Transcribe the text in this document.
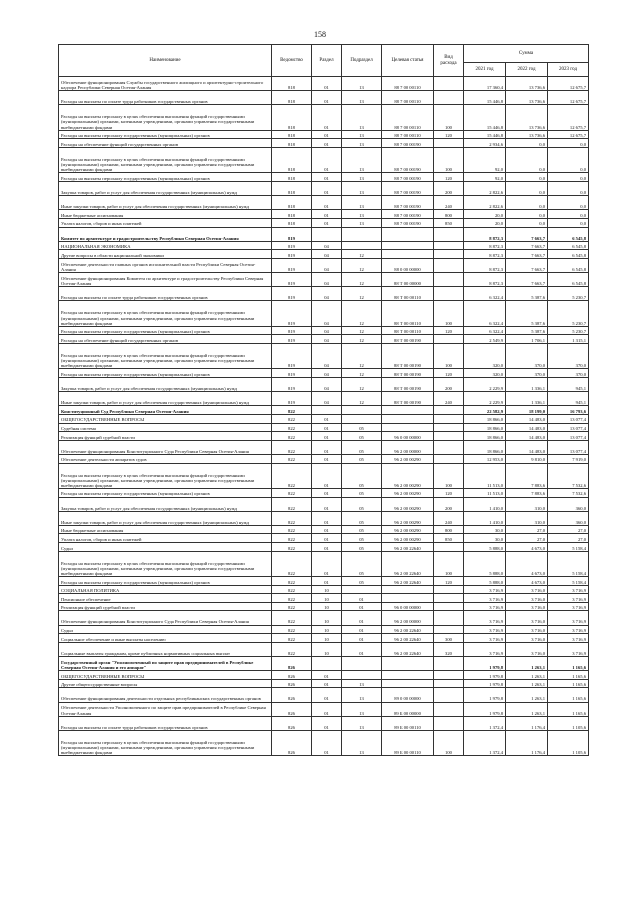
158
Наименование	Ведомство	Раздел	Подраздел	Целевая статья	Вид расхода	Сумма		
						2021 год	2022 год	2023 год
Обеспечение функционирования Службы государственного жилищного и архитектурно-строительного надзора Республики Северная Осетия-Алания	818	01	13	88 7 00 00110		17 360,4	13 736,6	12 675,7
Расходы на выплаты по оплате труда работников государственных органов	818	01	13	88 7 00 00110		15 446,8	13 736,6	12 675,7
Расходы на выплаты персоналу в целях обеспечения выполнения функций государственными (муниципальными) органами, казенными учреждениями, органами управления государственными внебюджетными фондами	818	01	13	88 7 00 00110	100	15 446,8	13 736,6	12 675,7
Расходы на выплаты персоналу государственных (муниципальных) органов	818	01	13	88 7 00 00110	120	15 446,8	13 736,6	12 675,7
Расходы на обеспечение функций государственных органов	818	01	13	88 7 00 00190		2 934,6	0,0	0,0
Расходы на выплаты персоналу в целях обеспечения выполнения функций государственными (муниципальными) органами, казенными учреждениями, органами управления государственными внебюджетными фондами	818	01	13	88 7 00 00190	100	92,0	0,0	0,0
Расходы на выплаты персоналу государственных (муниципальных) органов	818	01	13	88 7 00 00190	120	92,0	0,0	0,0
Закупка товаров, работ и услуг для обеспечения государственных (муниципальных) нужд	818	01	13	88 7 00 00190	200	2 822,6	0,0	0,0
Иные закупки товаров, работ и услуг для обеспечения государственных (муниципальных) нужд	818	01	13	88 7 00 00190	240	2 822,6	0,0	0,0
Иные бюджетные ассигнования	818	01	13	88 7 00 00190	800	20,0	0,0	0,0
Уплата налогов, сборов и иных платежей	818	01	13	88 7 00 00190	850	20,0	0,0	0,0
Комитет по архитектуре и градостроительству Республики Северная Осетия-Алания	819					8 872,3	7 663,7	6 545,8
НАЦИОНАЛЬНАЯ ЭКОНОМИКА	819	04				8 872,3	7 663,7	6 545,8
Другие вопросы в области национальной экономики	819	04	12			8 872,3	7 663,7	6 545,8
Обеспечение деятельности главных органов исполнительной власти Республики Северная Осетия-Алания	819	04	12	88 0 00 00000		8 872,3	7 663,7	6 545,8
Обеспечение функционирования Комитета по архитектуре и градостроительству Республики Северная Осетия-Алания	819	04	12	88 Т 00 00000		8 872,3	7 663,7	6 545,8
Расходы на выплаты по оплате труда работников государственных органов	819	04	12	88 Т 00 00110		6 322,4	5 387,6	5 230,7
Расходы на выплаты персоналу в целях обеспечения выполнения функций государственными (муниципальными) органами, казенными учреждениями, органами управления государственными внебюджетными фондами	819	04	12	88 Т 00 00110	100	6 322,4	5 387,6	5 230,7
Расходы на выплаты персоналу государственных (муниципальных) органов	819	04	12	88 Т 00 00110	120	6 322,4	5 387,6	5 230,7
Расходы на обеспечение функций государственных органов	819	04	12	88 Т 00 00190		2 549,9	1 706,1	1 315,1
Расходы на выплаты персоналу в целях обеспечения выполнения функций государственными (муниципальными) органами, казенными учреждениями, органами управления государственными внебюджетными фондами	819	04	12	88 Т 00 00190	100	320,0	370,0	370,0
Расходы на выплаты персоналу государственных (муниципальных) органов	819	04	12	88 Т 00 00190	120	320,0	370,0	370,0
Закупка товаров, работ и услуг для обеспечения государственных (муниципальных) нужд	819	04	12	88 Т 00 00190	200	2 229,9	1 336,1	945,1
Иные закупки товаров, работ и услуг для обеспечения государственных (муниципальных) нужд	819	04	12	88 Т 00 00190	240	2 229,9	1 336,1	945,1
Конституционный Суд Республики Северная Осетия-Алания	822					22 582,9	18 199,0	16 793,6
ОБЩЕГОСУДАРСТВЕННЫЕ ВОПРОСЫ	822	01				18 866,0	14 483,0	13 077,4
Судебная система	822	01	05			18 866,0	14 483,0	13 077,4
Реализация функций судебной власти	822	01	05	96 0 00 00000		18 866,0	14 483,0	13 077,4
Обеспечение функционирования Конституционного Суда Республики Северная Осетия-Алания	822	01	05	96 2 00 00000		18 866,0	14 483,0	13 077,4
Обеспечение деятельности аппаратов судов	822	01	05	96 2 00 00290		12 953,0	9 810,0	7 919,0
Расходы на выплаты персоналу в целях обеспечения выполнения функций государственными (муниципальными) органами, казенными учреждениями, органами управления государственными внебюджетными фондами	822	01	05	96 2 00 00290	100	11 513,0	7 883,6	7 532,6
Расходы на выплаты персоналу государственных (муниципальных) органов	822	01	05	96 2 00 00290	120	11 513,0	7 883,6	7 532,6
Закупка товаров, работ и услуг для обеспечения государственных (муниципальных) нужд	822	01	05	96 2 00 00290	200	1 410,0	310,0	360,0
Иные закупки товаров, работ и услуг для обеспечения государственных (муниципальных) нужд	822	01	05	96 2 00 00290	240	1 410,0	310,0	360,0
Иные бюджетные ассигнования	822	01	05	96 2 00 00290	800	30,0	27,0	27,0
Уплата налогов, сборов и иных платежей	822	01	05	96 2 00 00290	850	30,0	27,0	27,0
Судьи	822	01	05	96 2 00 22640		5 888,0	4 673,0	5 158,4
Расходы на выплаты персоналу в целях обеспечения выполнения функций государственными (муниципальными) органами, казенными учреждениями, органами управления государственными внебюджетными фондами	822	01	05	96 2 00 22640	100	5 888,0	4 673,0	5 158,4
Расходы на выплаты персоналу государственных (муниципальных) органов	822	01	05	96 2 00 22640	120	5 888,0	4 673,0	5 158,4
СОЦИАЛЬНАЯ ПОЛИТИКА	822	10				3 716,9	3 716,0	3 716,9
Пенсионное обеспечение	822	10	01			3 716,9	3 716,0	3 716,9
Реализация функций судебной власти	822	10	01	96 0 00 00000		3 716,9	3 716,0	3 716,9
Обеспечение функционирования Конституционного Суда Республики Северная Осетия-Алания	822	10	01	96 2 00 00000		3 716,9	3 716,0	3 716,9
Судьи	822	10	01	96 2 00 22640		3 716,9	3 716,0	3 716,9
Социальное обеспечение и иные выплаты населению	822	10	01	96 2 00 22640	300	3 716,9	3 716,0	3 716,9
Социальные выплаты гражданам, кроме публичных нормативных социальных выплат	822	10	01	96 2 00 22640	320	3 716,9	3 716,0	3 716,9
Государственный орган "Уполномоченный по защите прав предпринимателей в Республике Северная Осетия-Алания и его аппарат"	826					1 979,8	1 263,1	1 165,6
ОБЩЕГОСУДАРСТВЕННЫЕ ВОПРОСЫ	826	01				1 979,8	1 263,1	1 165,6
Другие общегосударственные вопросы	826	01	13			1 979,8	1 263,1	1 165,6
Обеспечение функционирования деятельности отдельных республиканских государственных органов	826	01	13	89 0 00 00000		1 979,8	1 263,1	1 165,6
Обеспечение деятельности Уполномоченного по защите прав предпринимателей в Республике Северная Осетия-Алания	826	01	13	89 Б 00 00000		1 979,8	1 263,1	1 165,6
Расходы на выплаты по оплате труда работников государственных органов	826	01	13	89 Б 00 00110		1 372,4	1 176,4	1 105,6
Расходы на выплаты персоналу в целях обеспечения выполнения функций государственными (муниципальными) органами, казенными учреждениями, органами управления государственными внебюджетными фондами	826	01	13	89 Б 00 00110	100	1 372,4	1 176,4	1 105,6
